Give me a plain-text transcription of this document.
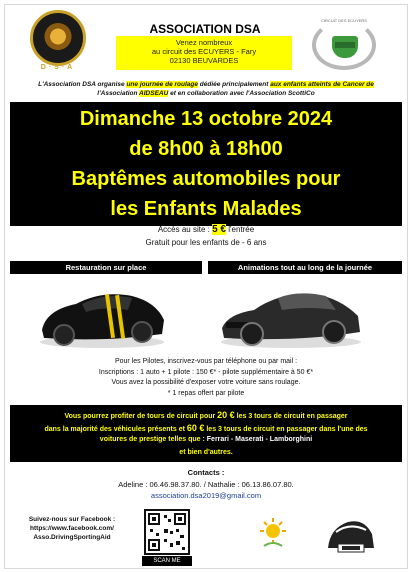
D·S·A
ASSOCIATION DSA
Venez nombreux
au circuit des ECUYERS - Fary
02130 BEUVARDES
CIRCUIT DES ECUYERS
L'Association DSA organise une journée de roulage dédiée principalement aux enfants atteints de Cancer de
l'Association AIDSEAU et en collaboration avec l'Association ScottiCo
Dimanche 13 octobre 2024
de 8h00 à 18h00
Baptêmes automobiles pour
les Enfants Malades
Accès au site : 5 € l'entrée
Gratuit pour les enfants de - 6 ans
Restauration sur place	Animations tout au long de la journée
Pour les Pilotes, inscrivez-vous par téléphone ou par mail :
Inscriptions : 1 auto + 1 pilote : 150 €* - pilote supplémentaire à 50 €*
Vous avez la possibilité d'exposer votre voiture sans roulage.
* 1 repas offert par pilote
Vous pourrez profiter de tours de circuit pour 20 € les 3 tours de circuit en passager
dans la majorité des véhicules présents et 60 € les 3 tours de circuit en passager dans l'une des
voitures de prestige telles que : Ferrari - Maserati - Lamborghini
et bien d'autres.
Contacts :
Adeline : 06.46.98.37.80. / Nathalie : 06.13.86.07.80.
association.dsa2019@gmail.com
Suivez-nous sur Facebook :
https://www.facebook.com/
Asso.DrivingSportingAid
SCAN ME
